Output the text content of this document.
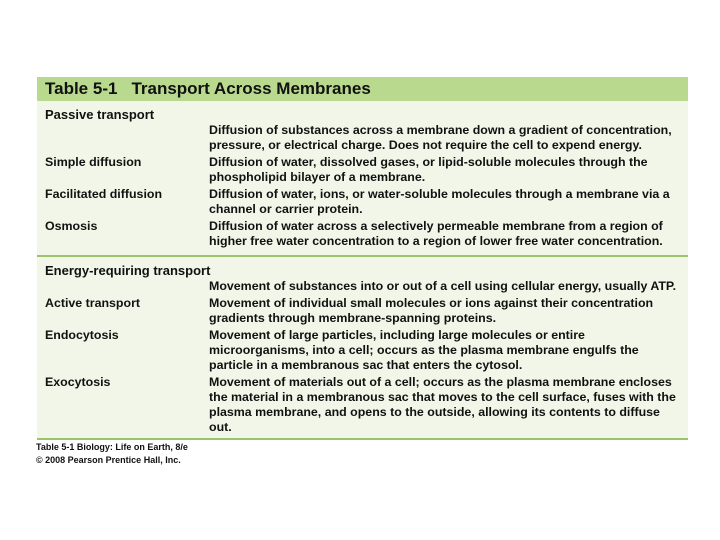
Table 5-1 Transport Across Membranes
Passive transport
Diffusion of substances across a membrane down a gradient of concentration, pressure, or electrical charge. Does not require the cell to expend energy.
Simple diffusion	Diffusion of water, dissolved gases, or lipid-soluble molecules through the phospholipid bilayer of a membrane.
Facilitated diffusion	Diffusion of water, ions, or water-soluble molecules through a membrane via a channel or carrier protein.
Osmosis	Diffusion of water across a selectively permeable membrane from a region of higher free water concentration to a region of lower free water concentration.
Energy-requiring transport
Movement of substances into or out of a cell using cellular energy, usually ATP.
Active transport	Movement of individual small molecules or ions against their concentration gradients through membrane-spanning proteins.
Endocytosis	Movement of large particles, including large molecules or entire microorganisms, into a cell; occurs as the plasma membrane engulfs the particle in a membranous sac that enters the cytosol.
Exocytosis	Movement of materials out of a cell; occurs as the plasma membrane encloses the material in a membranous sac that moves to the cell surface, fuses with the plasma membrane, and opens to the outside, allowing its contents to diffuse out.
Table 5-1 Biology: Life on Earth, 8/e
© 2008 Pearson Prentice Hall, Inc.
